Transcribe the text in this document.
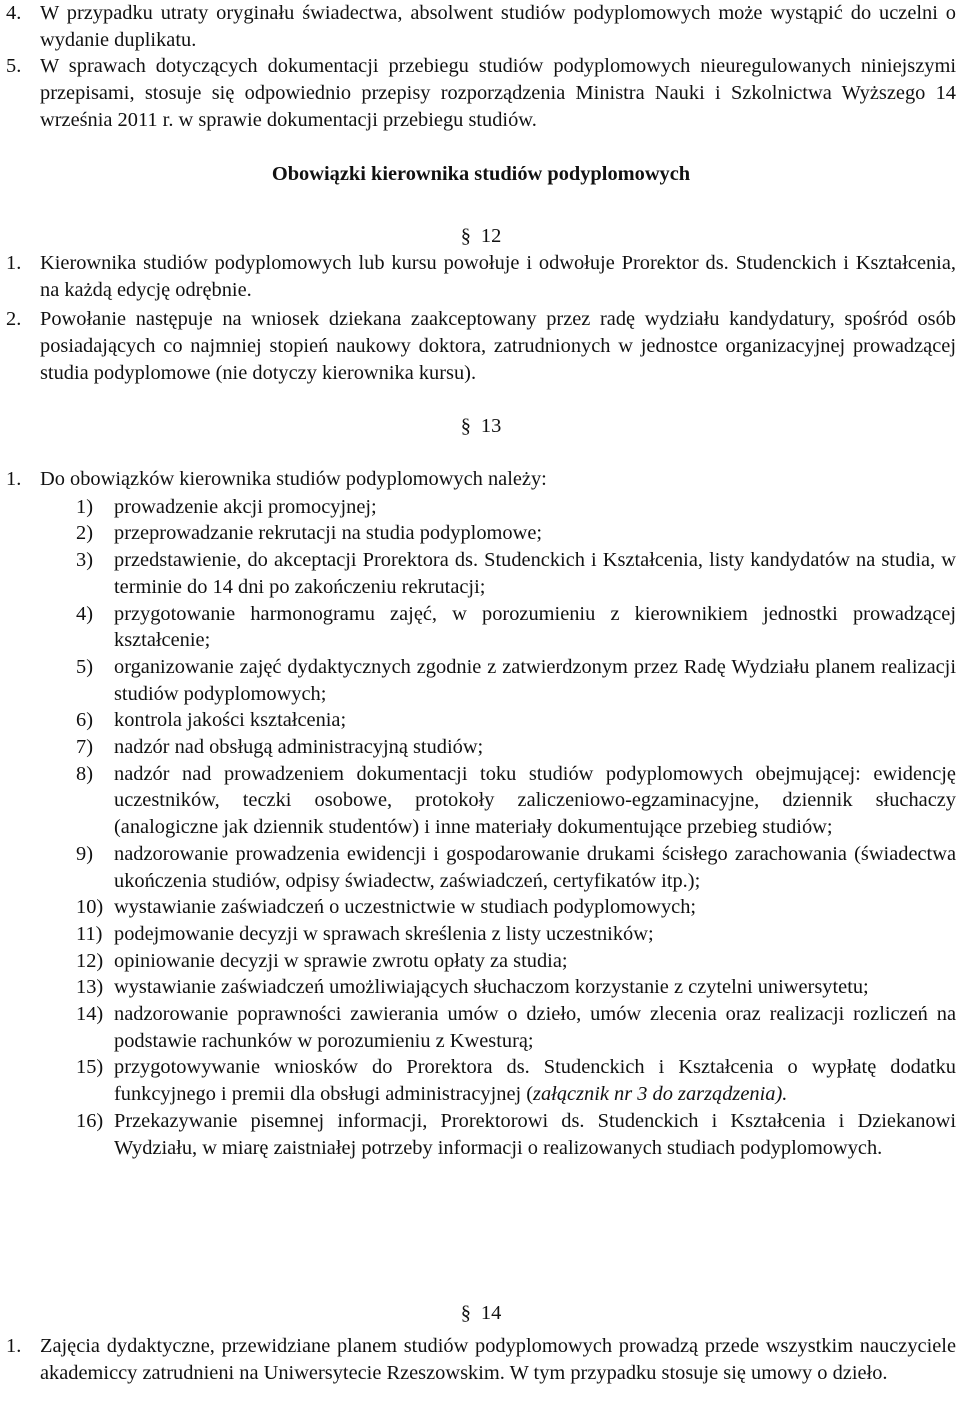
4. W przypadku utraty oryginału świadectwa, absolwent studiów podyplomowych może wystąpić do uczelni o wydanie duplikatu.
5. W sprawach dotyczących dokumentacji przebiegu studiów podyplomowych nieuregulowanych niniejszymi przepisami, stosuje się odpowiednio przepisy rozporządzenia Ministra Nauki i Szkolnictwa Wyższego 14 września 2011 r. w sprawie dokumentacji przebiegu studiów.
Obowiązki kierownika studiów podyplomowych
§ 12
1. Kierownika studiów podyplomowych lub kursu powołuje i odwołuje Prorektor ds. Studenckich i Kształcenia, na każdą edycję odrębnie.
2. Powołanie następuje na wniosek dziekana zaakceptowany przez radę wydziału kandydatury, spośród osób posiadających co najmniej stopień naukowy doktora, zatrudnionych w jednostce organizacyjnej prowadzącej studia podyplomowe (nie dotyczy kierownika kursu).
§ 13
1. Do obowiązków kierownika studiów podyplomowych należy:
1) prowadzenie akcji promocyjnej;
2) przeprowadzanie rekrutacji na studia podyplomowe;
3) przedstawienie, do akceptacji Prorektora ds. Studenckich i Kształcenia, listy kandydatów na studia, w terminie do 14 dni po zakończeniu rekrutacji;
4) przygotowanie harmonogramu zajęć, w porozumieniu z kierownikiem jednostki prowadzącej kształcenie;
5) organizowanie zajęć dydaktycznych zgodnie z zatwierdzonym przez Radę Wydziału planem realizacji studiów podyplomowych;
6) kontrola jakości kształcenia;
7) nadzór nad obsługą administracyjną studiów;
8) nadzór nad prowadzeniem dokumentacji toku studiów podyplomowych obejmującej: ewidencję uczestników, teczki osobowe, protokoły zaliczeniowo-egzaminacyjne, dziennik słuchaczy (analogiczne jak dziennik studentów) i inne materiały dokumentujące przebieg studiów;
9) nadzorowanie prowadzenia ewidencji i gospodarowanie drukami ścisłego zarachowania (świadectwa ukończenia studiów, odpisy świadectw, zaświadczeń, certyfikatów itp.);
10) wystawianie zaświadczeń o uczestnictwie w studiach podyplomowych;
11) podejmowanie decyzji w sprawach skreślenia z listy uczestników;
12) opiniowanie decyzji w sprawie zwrotu opłaty za studia;
13) wystawianie zaświadczeń umożliwiających słuchaczom korzystanie z czytelni uniwersytetu;
14) nadzorowanie poprawności zawierania umów o dzieło, umów zlecenia oraz realizacji rozliczeń na podstawie rachunków w porozumieniu z Kwesturą;
15) przygotowywanie wniosków do Prorektora ds. Studenckich i Kształcenia o wypłatę dodatku funkcyjnego i premii dla obsługi administracyjnej (załącznik nr 3 do zarządzenia).
16) Przekazywanie pisemnej informacji, Prorektorowi ds. Studenckich i Kształcenia i Dziekanowi Wydziału, w miarę zaistniałej potrzeby informacji o realizowanych studiach podyplomowych.
§ 14
1. Zajęcia dydaktyczne, przewidziane planem studiów podyplomowych prowadzą przede wszystkim nauczyciele akademiccy zatrudnieni na Uniwersytecie Rzeszowskim. W tym przypadku stosuje się umowy o dzieło.
